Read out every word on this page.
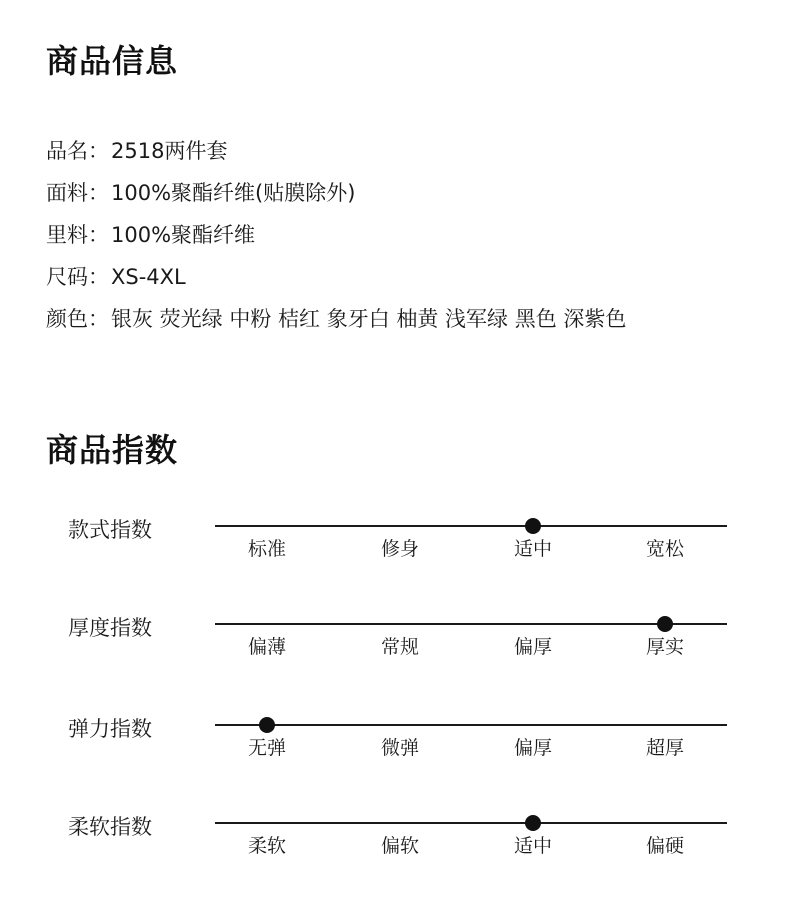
商品信息
品名：2518两件套
面料：100%聚酯纤维(贴膜除外)
里料：100%聚酯纤维
尺码：XS-4XL
颜色：银灰 荧光绿 中粉 桔红 象牙白 柚黄 浅军绿 黑色 深紫色
商品指数
款式指数
标准	修身	适中	宽松
厚度指数
偏薄	常规	偏厚	厚实
弹力指数
无弹	微弹	偏厚	超厚
柔软指数
柔软	偏软	适中	偏硬
